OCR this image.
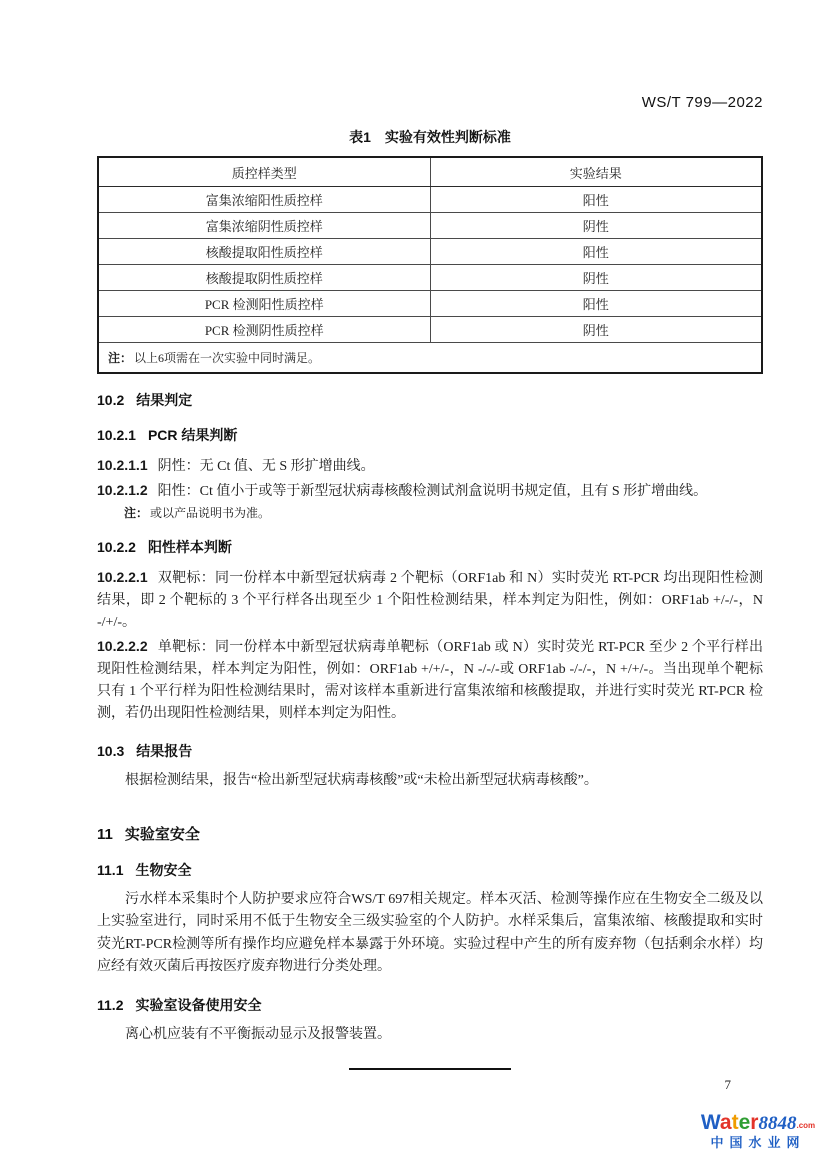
WS/T 799—2022
表1　实验有效性判断标准
质控样类型	实验结果
富集浓缩阳性质控样	阳性
富集浓缩阴性质控样	阴性
核酸提取阳性质控样	阳性
核酸提取阴性质控样	阴性
PCR 检测阳性质控样	阳性
PCR 检测阴性质控样	阴性
注： 以上6项需在一次实验中同时满足。	
10.2 结果判定
10.2.1 PCR 结果判断

10.2.1.1 阴性：无 Ct 值、无 S 形扩增曲线。

10.2.1.2 阳性：Ct 值小于或等于新型冠状病毒核酸检测试剂盒说明书规定值，且有 S 形扩增曲线。

注： 或以产品说明书为准。

10.2.2 阳性样本判断

10.2.2.1 双靶标：同一份样本中新型冠状病毒 2 个靶标（ORF1ab 和 N）实时荧光 RT-PCR 均出现阳性检测结果，即 2 个靶标的 3 个平行样各出现至少 1 个阳性检测结果，样本判定为阳性，例如：ORF1ab +/-/-，N -/+/-。

10.2.2.2 单靶标：同一份样本中新型冠状病毒单靶标（ORF1ab 或 N）实时荧光 RT-PCR 至少 2 个平行样出现阳性检测结果，样本判定为阳性，例如：ORF1ab +/+/-，N -/-/-或 ORF1ab -/-/-，N +/+/-。当出现单个靶标只有 1 个平行样为阳性检测结果时，需对该样本重新进行富集浓缩和核酸提取，并进行实时荧光 RT-PCR 检测，若仍出现阳性检测结果，则样本判定为阳性。

10.3 结果报告

根据检测结果，报告“检出新型冠状病毒核酸”或“未检出新型冠状病毒核酸”。

11 实验室安全
11.1 生物安全

污水样本采集时个人防护要求应符合WS/T 697相关规定。样本灭活、检测等操作应在生物安全二级及以上实验室进行，同时采用不低于生物安全三级实验室的个人防护。水样采集后，富集浓缩、核酸提取和实时荧光RT-PCR检测等所有操作均应避免样本暴露于外环境。实验过程中产生的所有废弃物（包括剩余水样）均应经有效灭菌后再按医疗废弃物进行分类处理。

11.2 实验室设备使用安全

离心机应装有不平衡振动显示及报警装置。

7
Water8848.com
中国水业网
